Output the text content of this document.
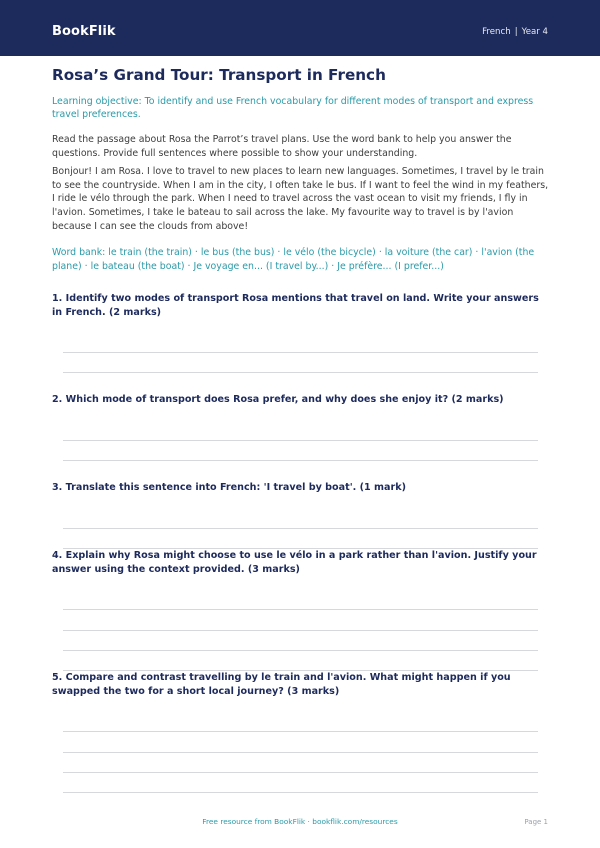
BookFlik	French | Year 4
Rosa’s Grand Tour: Transport in French
Learning objective: To identify and use French vocabulary for different modes of transport and express travel preferences.
Read the passage about Rosa the Parrot’s travel plans. Use the word bank to help you answer the questions. Provide full sentences where possible to show your understanding.
Bonjour! I am Rosa. I love to travel to new places to learn new languages. Sometimes, I travel by le train to see the countryside. When I am in the city, I often take le bus. If I want to feel the wind in my feathers, I ride le vélo through the park. When I need to travel across the vast ocean to visit my friends, I fly in l'avion. Sometimes, I take le bateau to sail across the lake. My favourite way to travel is by l'avion because I can see the clouds from above!
Word bank: le train (the train) · le bus (the bus) · le vélo (the bicycle) · la voiture (the car) · l'avion (the plane) · le bateau (the boat) · Je voyage en... (I travel by...) · Je préfère... (I prefer...)
1. Identify two modes of transport Rosa mentions that travel on land. Write your answers in French. (2 marks)
2. Which mode of transport does Rosa prefer, and why does she enjoy it? (2 marks)
3. Translate this sentence into French: 'I travel by boat'. (1 mark)
4. Explain why Rosa might choose to use le vélo in a park rather than l'avion. Justify your answer using the context provided. (3 marks)
5. Compare and contrast travelling by le train and l'avion. What might happen if you swapped the two for a short local journey? (3 marks)
Free resource from BookFlik · bookflik.com/resources	Page 1
